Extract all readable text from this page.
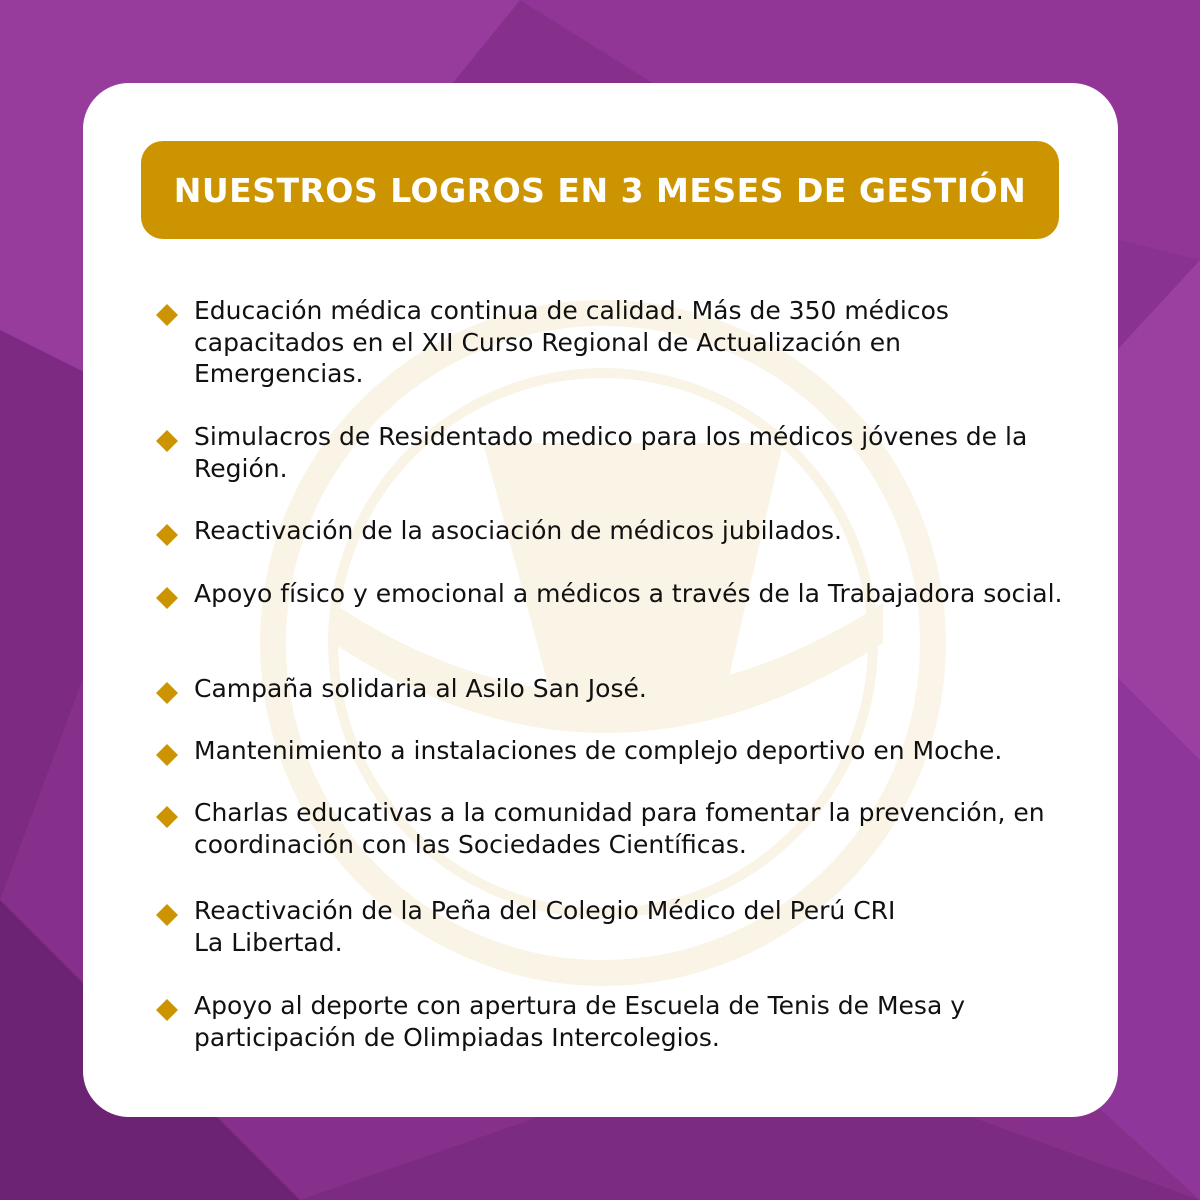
NUESTROS LOGROS EN 3 MESES DE GESTIÓN
Educación médica continua de calidad. Más de 350 médicos capacitados en el XII Curso Regional de Actualización en Emergencias.
Simulacros de Residentado medico para los médicos jóvenes de la Región.
Reactivación de la asociación de médicos jubilados.
Apoyo físico y emocional a médicos a través de la Trabajadora social.
Campaña solidaria al Asilo San José.
Mantenimiento a instalaciones de complejo deportivo en Moche.
Charlas educativas a la comunidad para fomentar la prevención, en coordinación con las Sociedades Científicas.
Reactivación de la Peña del Colegio Médico del Perú CRI
La Libertad.
Apoyo al deporte con apertura de Escuela de Tenis de Mesa y participación de Olimpiadas Intercolegios.
